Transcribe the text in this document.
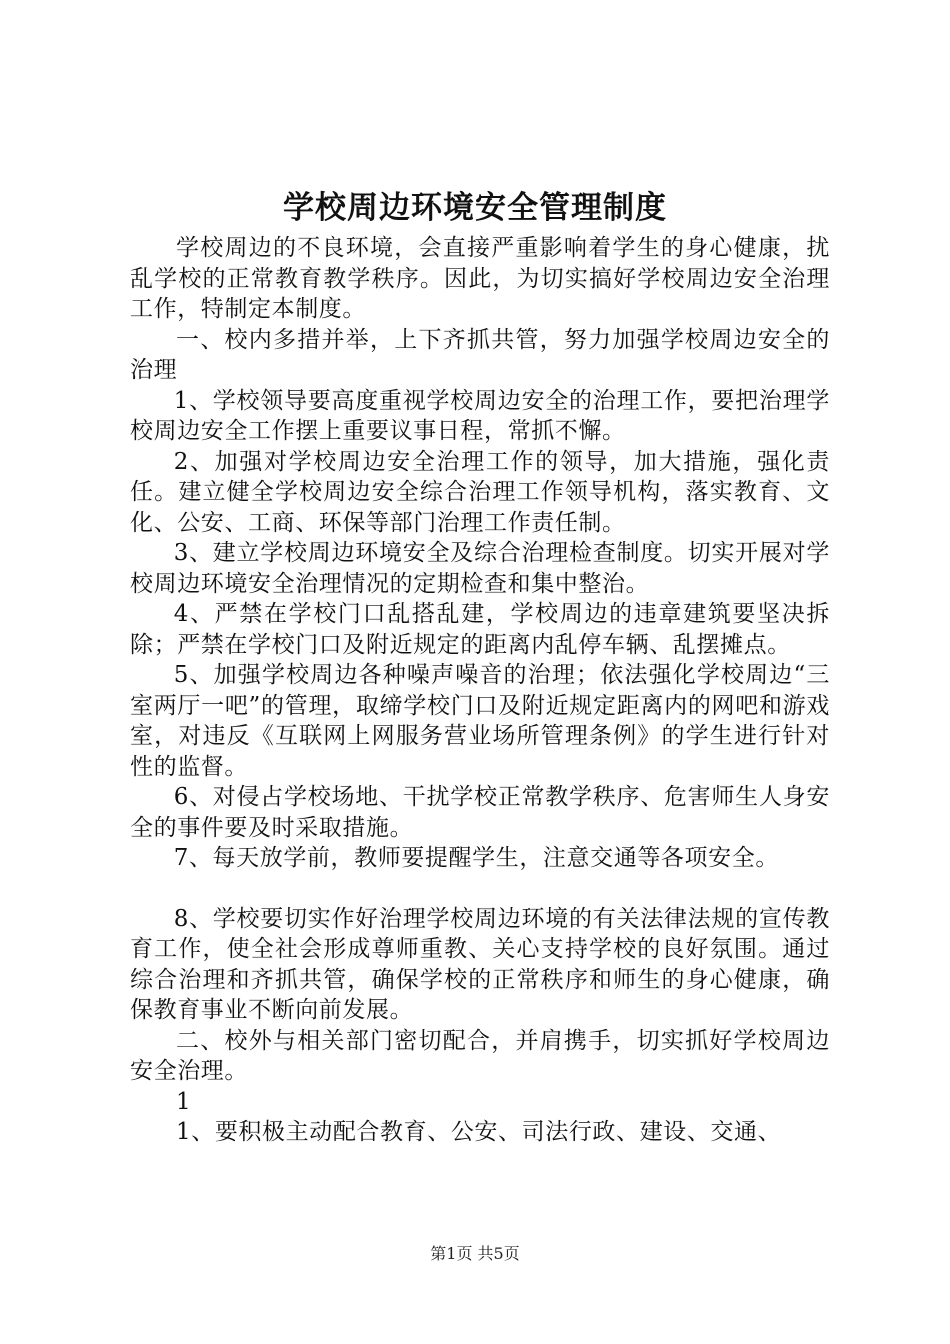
学校周边环境安全管理制度

学校周边的不良环境，会直接严重影响着学生的身心健康，扰乱学校的正常教育教学秩序。因此，为切实搞好学校周边安全治理工作，特制定本制度。

一、校内多措并举，上下齐抓共管，努力加强学校周边安全的治理

1、学校领导要高度重视学校周边安全的治理工作，要把治理学校周边安全工作摆上重要议事日程，常抓不懈。

2、加强对学校周边安全治理工作的领导，加大措施，强化责任。建立健全学校周边安全综合治理工作领导机构，落实教育、文化、公安、工商、环保等部门治理工作责任制。

3、建立学校周边环境安全及综合治理检查制度。切实开展对学校周边环境安全治理情况的定期检查和集中整治。

4、严禁在学校门口乱搭乱建，学校周边的违章建筑要坚决拆除；严禁在学校门口及附近规定的距离内乱停车辆、乱摆摊点。

5、加强学校周边各种噪声噪音的治理；依法强化学校周边“三室两厅一吧”的管理，取缔学校门口及附近规定距离内的网吧和游戏室，对违反《互联网上网服务营业场所管理条例》的学生进行针对性的监督。

6、对侵占学校场地、干扰学校正常教学秩序、危害师生人身安全的事件要及时采取措施。

7、每天放学前，教师要提醒学生，注意交通等各项安全。

8、学校要切实作好治理学校周边环境的有关法律法规的宣传教育工作，使全社会形成尊师重教、关心支持学校的良好氛围。通过综合治理和齐抓共管，确保学校的正常秩序和师生的身心健康，确保教育事业不断向前发展。

二、校外与相关部门密切配合，并肩携手，切实抓好学校周边安全治理。

1

1、要积极主动配合教育、公安、司法行政、建设、交通、

第1页 共5页
